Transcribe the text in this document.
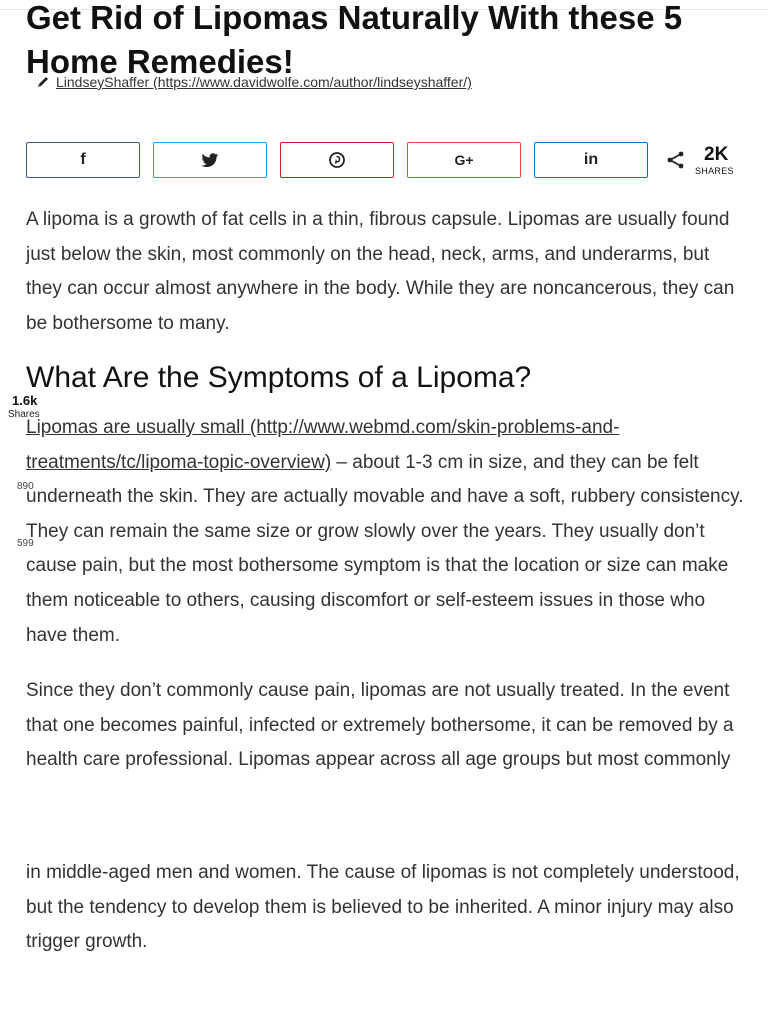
Get Rid of Lipomas Naturally With these 5
Home Remedies!
LindseyShaffer (https://www.davidwolfe.com/author/lindseyshaffer/)
f	G+	in	2K
SHARES

A lipoma is a growth of fat cells in a thin, fibrous capsule. Lipomas are usually found just below the skin, most commonly on the head, neck, arms, and underarms, but they can occur almost anywhere in the body. While they are noncancerous, they can be bothersome to many.

What Are the Symptoms of a Lipoma?

Lipomas are usually small (http://www.webmd.com/skin-problems-and-treatments/tc/lipoma-topic-overview) – about 1-3 cm in size, and they can be felt underneath the skin. They are actually movable and have a soft, rubbery consistency. They can remain the same size or grow slowly over the years. They usually don’t cause pain, but the most bothersome symptom is that the location or size can make them noticeable to others, causing discomfort or self-esteem issues in those who have them.

Since they don’t commonly cause pain, lipomas are not usually treated. In the event that one becomes painful, infected or extremely bothersome, it can be removed by a health care professional. Lipomas appear across all age groups but most commonly

in middle-aged men and women. The cause of lipomas is not completely understood, but the tendency to develop them is believed to be inherited. A minor injury may also trigger growth.

1.6k
Shares
890
599
